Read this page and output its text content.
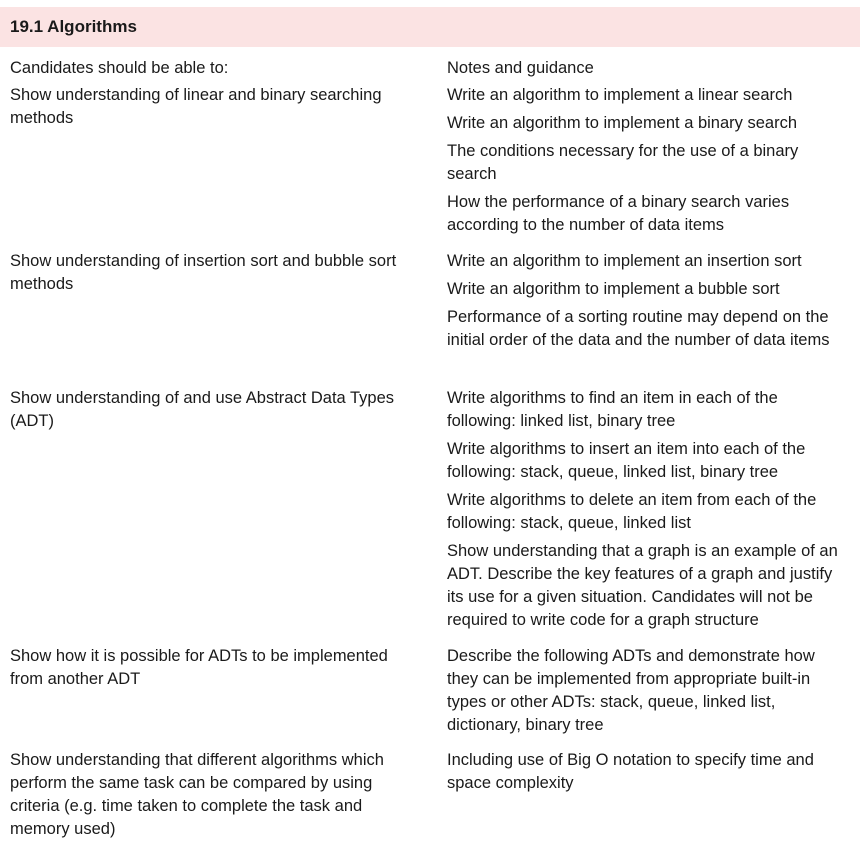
19.1 Algorithms
Candidates should be able to:	Notes and guidance
Show understanding of linear and binary searching methods
Write an algorithm to implement a linear search
Write an algorithm to implement a binary search
The conditions necessary for the use of a binary search
How the performance of a binary search varies according to the number of data items
Show understanding of insertion sort and bubble sort methods
Write an algorithm to implement an insertion sort
Write an algorithm to implement a bubble sort
Performance of a sorting routine may depend on the initial order of the data and the number of data items
Show understanding of and use Abstract Data Types (ADT)
Write algorithms to find an item in each of the following: linked list, binary tree
Write algorithms to insert an item into each of the following: stack, queue, linked list, binary tree
Write algorithms to delete an item from each of the following: stack, queue, linked list
Show understanding that a graph is an example of an ADT. Describe the key features of a graph and justify its use for a given situation. Candidates will not be required to write code for a graph structure
Show how it is possible for ADTs to be implemented from another ADT
Describe the following ADTs and demonstrate how they can be implemented from appropriate built-in types or other ADTs: stack, queue, linked list, dictionary, binary tree
Show understanding that different algorithms which perform the same task can be compared by using criteria (e.g. time taken to complete the task and memory used)
Including use of Big O notation to specify time and space complexity
